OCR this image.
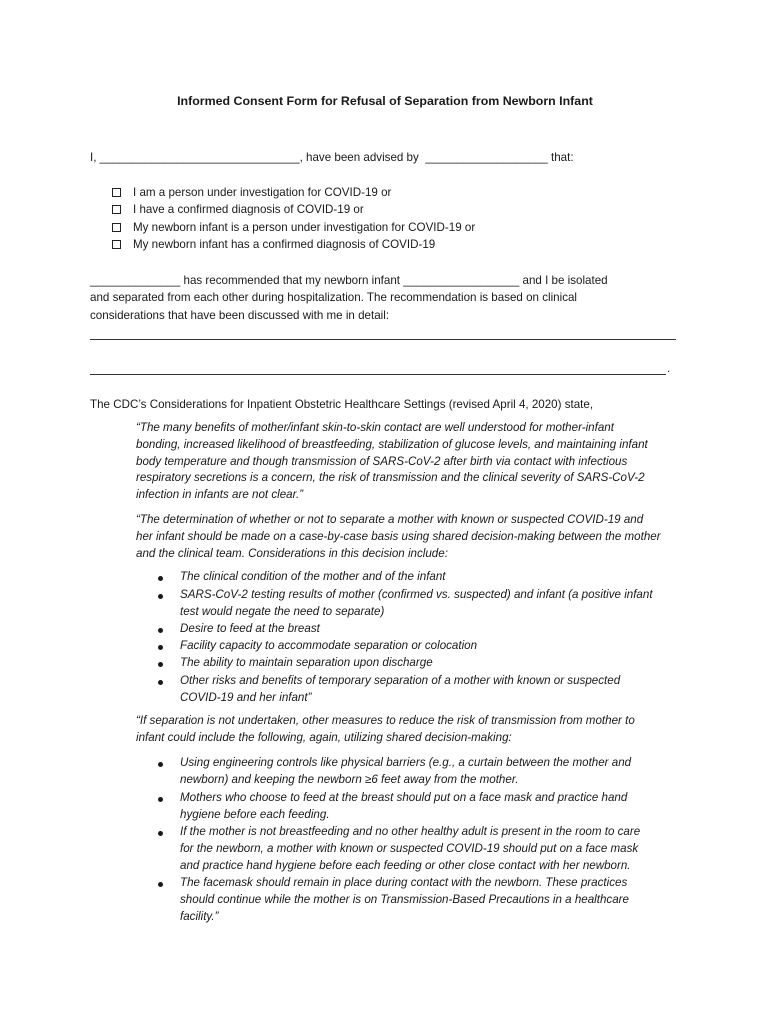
Informed Consent Form for Refusal of Separation from Newborn Infant
I, _______________________________, have been advised by  ___________________ that:
I am a person under investigation for COVID-19 or
I have a confirmed diagnosis of COVID-19 or
My newborn infant is a person under investigation for COVID-19 or
My newborn infant has a confirmed diagnosis of COVID-19
______________ has recommended that my newborn infant __________________ and I be isolated
and separated from each other during hospitalization. The recommendation is based on clinical
considerations that have been discussed with me in detail:
.
The CDC’s Considerations for Inpatient Obstetric Healthcare Settings (revised April 4, 2020) state,
“The many benefits of mother/infant skin-to-skin contact are well understood for mother-infant
bonding, increased likelihood of breastfeeding, stabilization of glucose levels, and maintaining infant
body temperature and though transmission of SARS-CoV-2 after birth via contact with infectious
respiratory secretions is a concern, the risk of transmission and the clinical severity of SARS-CoV-2
infection in infants are not clear.”
“The determination of whether or not to separate a mother with known or suspected COVID-19 and
her infant should be made on a case-by-case basis using shared decision-making between the mother
and the clinical team. Considerations in this decision include:
The clinical condition of the mother and of the infant
SARS-CoV-2 testing results of mother (confirmed vs. suspected) and infant (a positive infant
test would negate the need to separate)
Desire to feed at the breast
Facility capacity to accommodate separation or colocation
The ability to maintain separation upon discharge
Other risks and benefits of temporary separation of a mother with known or suspected
COVID-19 and her infant”
“If separation is not undertaken, other measures to reduce the risk of transmission from mother to
infant could include the following, again, utilizing shared decision-making:
Using engineering controls like physical barriers (e.g., a curtain between the mother and
newborn) and keeping the newborn ≥6 feet away from the mother.
Mothers who choose to feed at the breast should put on a face mask and practice hand
hygiene before each feeding.
If the mother is not breastfeeding and no other healthy adult is present in the room to care
for the newborn, a mother with known or suspected COVID-19 should put on a face mask
and practice hand hygiene before each feeding or other close contact with her newborn.
The facemask should remain in place during contact with the newborn. These practices
should continue while the mother is on Transmission-Based Precautions in a healthcare
facility.”
